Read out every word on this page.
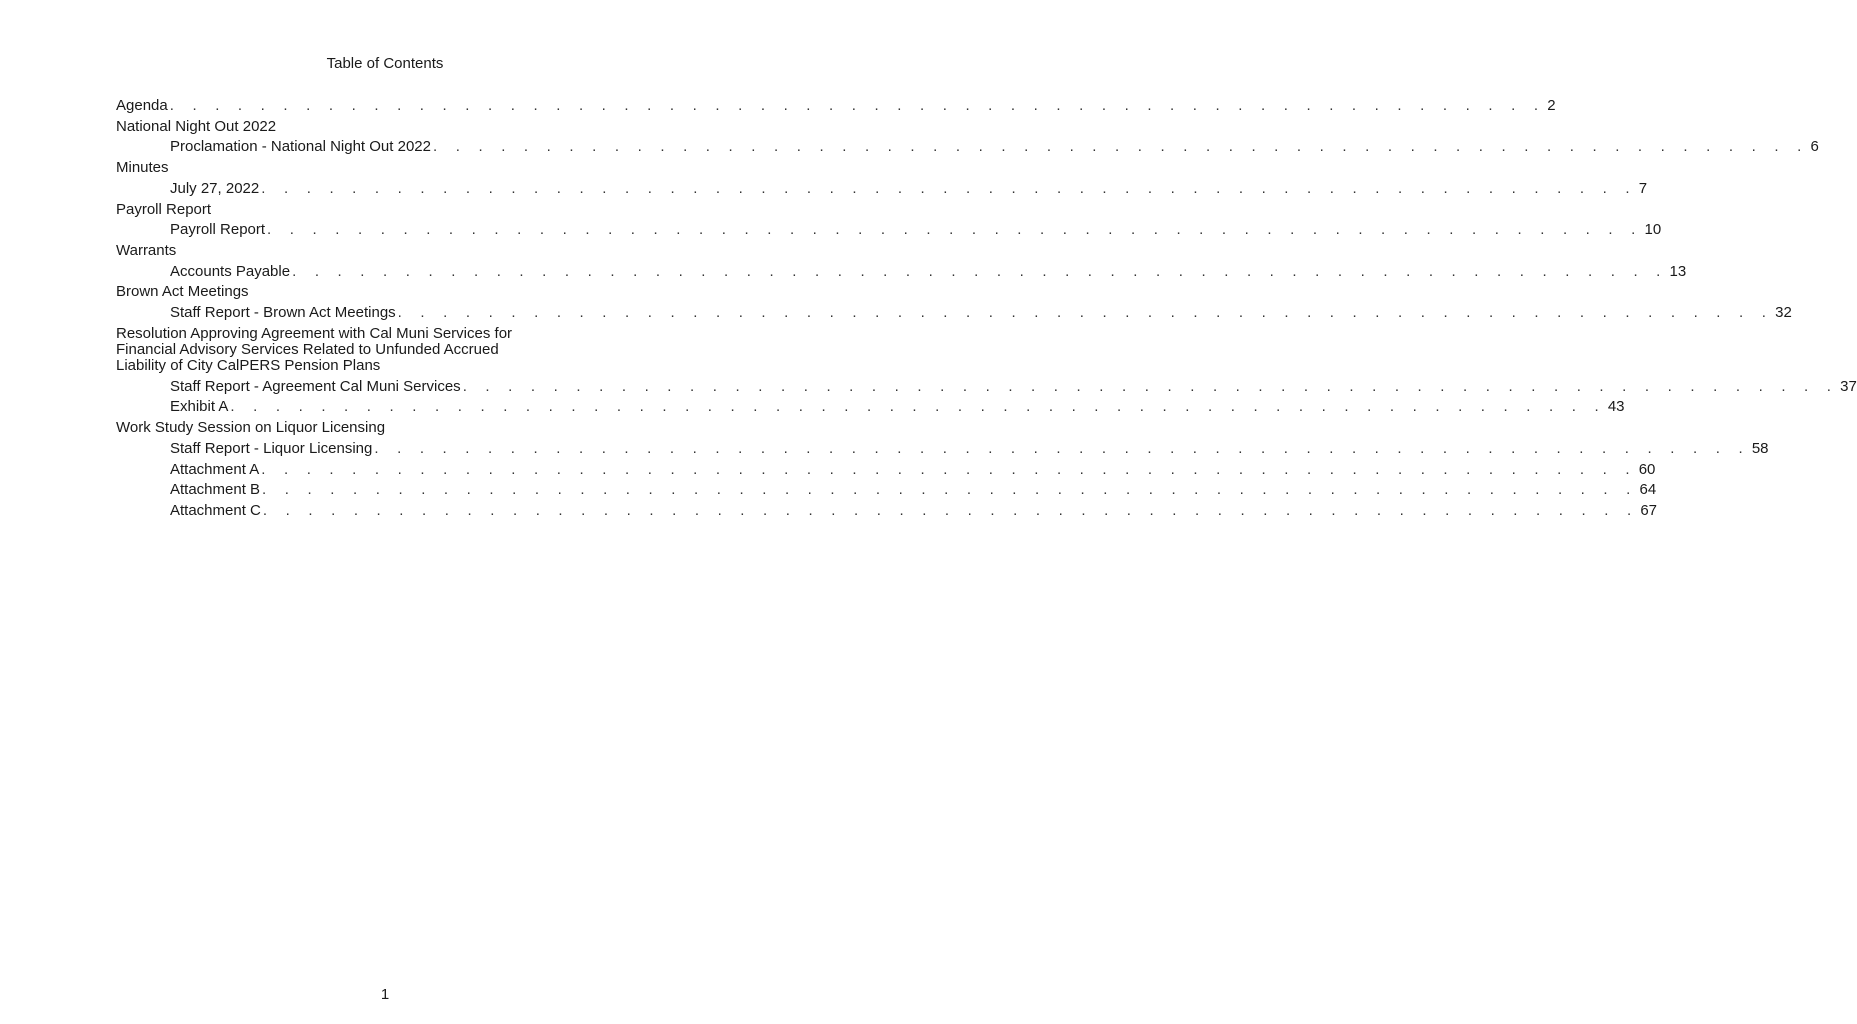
Table of Contents
Agenda . . . . . . . . . . . . . . . . . . . . . . . . . . . . . . . . . . . . . . . . . . . . . . . . . . . . . . . . . . . . . 2
National Night Out 2022
Proclamation - National Night Out 2022 . . . . . . . . . . . . . . . . . . . . . . . . . . . . . . . . . . . . . . . . . . . . . . . . . . . . . . . . . . . . . 6
Minutes
July 27, 2022 . . . . . . . . . . . . . . . . . . . . . . . . . . . . . . . . . . . . . . . . . . . . . . . . . . . . . . . . . . . . . 7
Payroll Report
Payroll Report . . . . . . . . . . . . . . . . . . . . . . . . . . . . . . . . . . . . . . . . . . . . . . . . . . . . . . . . . . . . . 10
Warrants
Accounts Payable . . . . . . . . . . . . . . . . . . . . . . . . . . . . . . . . . . . . . . . . . . . . . . . . . . . . . . . . . . . . . 13
Brown Act Meetings
Staff Report - Brown Act Meetings . . . . . . . . . . . . . . . . . . . . . . . . . . . . . . . . . . . . . . . . . . . . . . . . . . . . . . . . . . . . . 32
Resolution Approving Agreement with Cal Muni Services for Financial Advisory Services Related to Unfunded Accrued Liability of City CalPERS Pension Plans
Staff Report - Agreement Cal Muni Services . . . . . . . . . . . . . . . . . . . . . . . . . . . . . . . . . . . . . . . . . . . . . . . . . . . . . . . . . . . . . 37
Exhibit A . . . . . . . . . . . . . . . . . . . . . . . . . . . . . . . . . . . . . . . . . . . . . . . . . . . . . . . . . . . . . 43
Work Study Session on Liquor Licensing
Staff Report - Liquor Licensing . . . . . . . . . . . . . . . . . . . . . . . . . . . . . . . . . . . . . . . . . . . . . . . . . . . . . . . . . . . . . 58
Attachment A . . . . . . . . . . . . . . . . . . . . . . . . . . . . . . . . . . . . . . . . . . . . . . . . . . . . . . . . . . . . . 60
Attachment B . . . . . . . . . . . . . . . . . . . . . . . . . . . . . . . . . . . . . . . . . . . . . . . . . . . . . . . . . . . . . 64
Attachment C . . . . . . . . . . . . . . . . . . . . . . . . . . . . . . . . . . . . . . . . . . . . . . . . . . . . . . . . . . . . . 67
1
